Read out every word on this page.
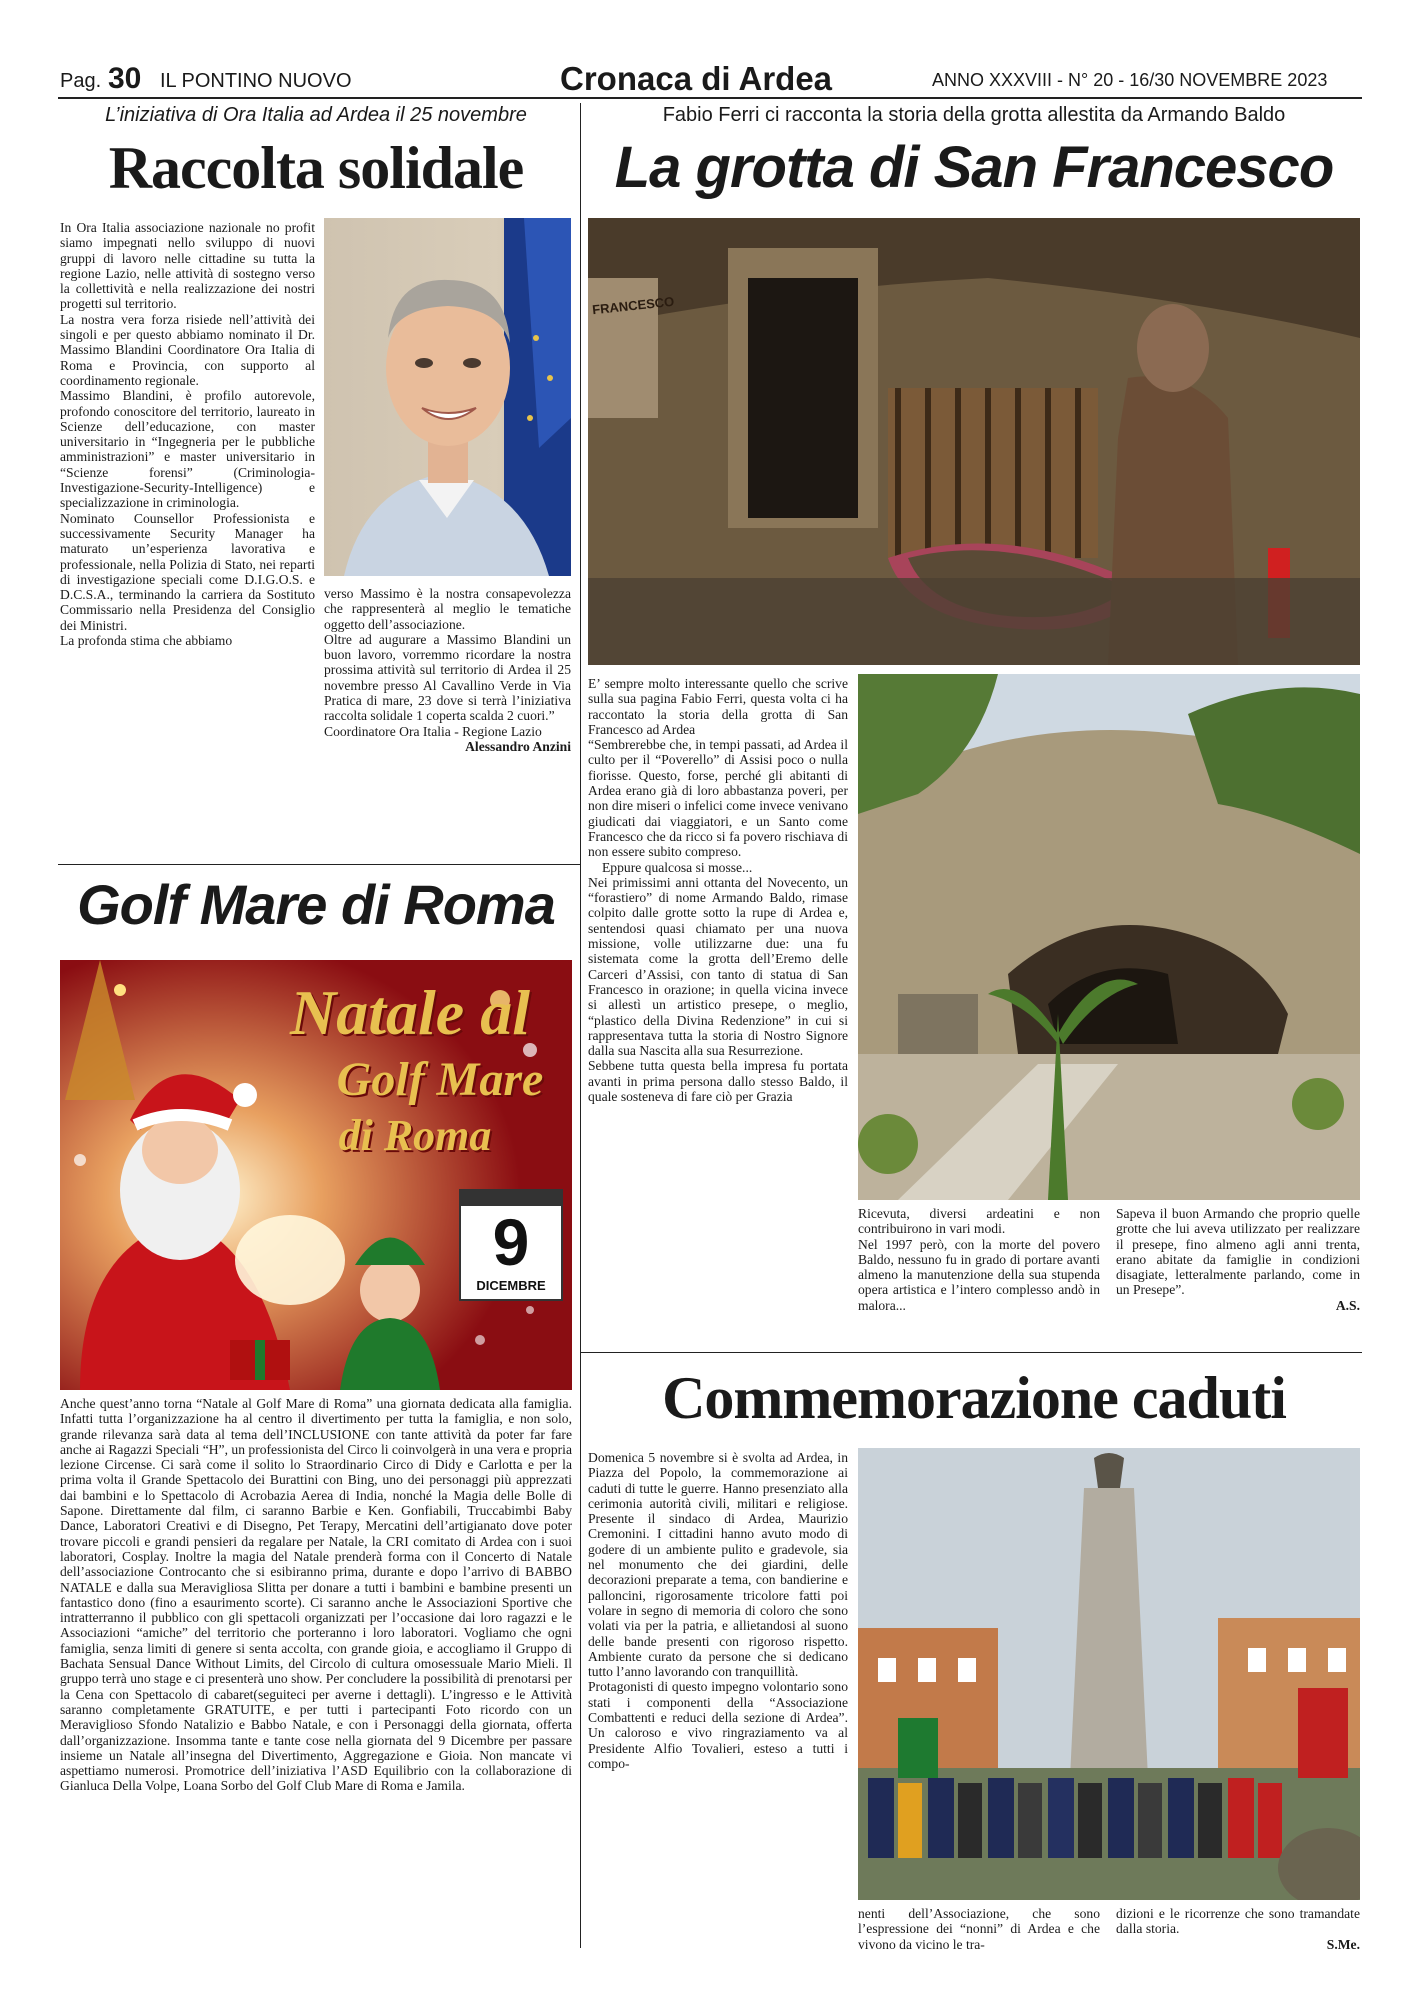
Pag. 30 IL PONTINO NUOVO	Cronaca di Ardea	ANNO XXXVIII - N° 20 - 16/30 NOVEMBRE 2023
L’iniziativa di Ora Italia ad Ardea il 25 novembre
Raccolta solidale

In Ora Italia associazione nazionale no profit siamo impegnati nello sviluppo di nuovi gruppi di lavoro nelle cittadine su tutta la regione Lazio, nelle attività di sostegno verso la collettività e nella realizzazione dei nostri progetti sul territorio.

La nostra vera forza risiede nell’attività dei singoli e per questo abbiamo nominato il Dr. Massimo Blandini Coordinatore Ora Italia di Roma e Provincia, con supporto al coordinamento regionale.

Massimo Blandini, è profilo autorevole, profondo conoscitore del territorio, laureato in Scienze dell’educazione, con master universitario in “Ingegneria per le pubbliche amministrazioni” e master universitario in “Scienze forensi” (Criminologia-Investigazione-Security-Intelligence) e specializzazione in criminologia.

Nominato Counsellor Professionista e successivamente Security Manager ha maturato un’esperienza lavorativa e professionale, nella Polizia di Stato, nei reparti di investigazione speciali come D.I.G.O.S. e D.C.S.A., terminando la carriera da Sostituto Commissario nella Presidenza del Consiglio dei Ministri.

La profonda stima che abbiamo

verso Massimo è la nostra consapevolezza che rappresenterà al meglio le tematiche oggetto dell’associazione.

Oltre ad augurare a Massimo Blandini un buon lavoro, vorremmo ricordare la nostra prossima attività sul territorio di Ardea il 25 novembre presso Al Cavallino Verde in Via Pratica di mare, 23 dove si terrà l’iniziativa raccolta solidale 1 coperta scalda 2 cuori.”

Coordinatore Ora Italia - Regione Lazio

Alessandro Anzini

Golf Mare di Roma
Natale al
Golf Mare
di Roma
9
DICEMBRE

Anche quest’anno torna “Natale al Golf Mare di Roma” una giornata dedicata alla famiglia. Infatti tutta l’organizzazione ha al centro il divertimento per tutta la famiglia, e non solo, grande rilevanza sarà data al tema dell’INCLUSIONE con tante attività da poter far fare anche ai Ragazzi Speciali “H”, un professionista del Circo li coinvolgerà in una vera e propria lezione Circense. Ci sarà come il solito lo Straordinario Circo di Didy e Carlotta e per la prima volta il Grande Spettacolo dei Burattini con Bing, uno dei personaggi più apprezzati dai bambini e lo Spettacolo di Acrobazia Aerea di India, nonché la Magia delle Bolle di Sapone. Direttamente dal film, ci saranno Barbie e Ken. Gonfiabili, Truccabimbi Baby Dance, Laboratori Creativi e di Disegno, Pet Terapy, Mercatini dell’artigianato dove poter trovare piccoli e grandi pensieri da regalare per Natale, la CRI comitato di Ardea con i suoi laboratori, Cosplay. Inoltre la magia del Natale prenderà forma con il Concerto di Natale dell’associazione Controcanto che si esibiranno prima, durante e dopo l’arrivo di BABBO NATALE e dalla sua Meravigliosa Slitta per donare a tutti i bambini e bambine presenti un fantastico dono (fino a esaurimento scorte). Ci saranno anche le Associazioni Sportive che intratterranno il pubblico con gli spettacoli organizzati per l’occasione dai loro ragazzi e le Associazioni “amiche” del territorio che porteranno i loro laboratori. Vogliamo che ogni famiglia, senza limiti di genere si senta accolta, con grande gioia, e accogliamo il Gruppo di Bachata Sensual Dance Without Limits, del Circolo di cultura omosessuale Mario Mieli. Il gruppo terrà uno stage e ci presenterà uno show. Per concludere la possibilità di prenotarsi per la Cena con Spettacolo di cabaret(seguiteci per averne i dettagli). L’ingresso e le Attività saranno completamente GRATUITE, e per tutti i partecipanti Foto ricordo con un Meraviglioso Sfondo Natalizio e Babbo Natale, e con i Personaggi della giornata, offerta dall’organizzazione. Insomma tante e tante cose nella giornata del 9 Dicembre per passare insieme un Natale all’insegna del Divertimento, Aggregazione e Gioia. Non mancate vi aspettiamo numerosi. Promotrice dell’iniziativa l’ASD Equilibrio con la collaborazione di Gianluca Della Volpe, Loana Sorbo del Golf Club Mare di Roma e Jamila.

Fabio Ferri ci racconta la storia della grotta allestita da Armando Baldo
La grotta di San Francesco
FRANCESCO

E’ sempre molto interessante quello che scrive sulla sua pagina Fabio Ferri, questa volta ci ha raccontato la storia della grotta di San Francesco ad Ardea

“Sembrerebbe che, in tempi passati, ad Ardea il culto per il “Poverello” di Assisi poco o nulla fiorisse. Questo, forse, perché gli abitanti di Ardea erano già di loro abbastanza poveri, per non dire miseri o infelici come invece venivano giudicati dai viaggiatori, e un Santo come Francesco che da ricco si fa povero rischiava di non essere subito compreso.

Eppure qualcosa si mosse...

Nei primissimi anni ottanta del Novecento, un “forastiero” di nome Armando Baldo, rimase colpito dalle grotte sotto la rupe di Ardea e, sentendosi quasi chiamato per una nuova missione, volle utilizzarne due: una fu sistemata come la grotta dell’Eremo delle Carceri d’Assisi, con tanto di statua di San Francesco in orazione; in quella vicina invece si allestì un artistico presepe, o meglio, “plastico della Divina Redenzione” in cui si rappresentava tutta la storia di Nostro Signore dalla sua Nascita alla sua Resurrezione.

Sebbene tutta questa bella impresa fu portata avanti in prima persona dallo stesso Baldo, il quale sosteneva di fare ciò per Grazia

Ricevuta, diversi ardeatini e non contribuirono in vari modi.

Nel 1997 però, con la morte del povero Baldo, nessuno fu in grado di portare avanti almeno la manutenzione della sua stupenda opera artistica e l’intero complesso andò in malora...

Sapeva il buon Armando che proprio quelle grotte che lui aveva utilizzato per realizzare il presepe, fino almeno agli anni trenta, erano abitate da famiglie in condizioni disagiate, letteralmente parlando, come in un Presepe”.

A.S.

Commemorazione caduti

Domenica 5 novembre si è svolta ad Ardea, in Piazza del Popolo, la commemorazione ai caduti di tutte le guerre. Hanno presenziato alla cerimonia autorità civili, militari e religiose. Presente il sindaco di Ardea, Maurizio Cremonini. I cittadini hanno avuto modo di godere di un ambiente pulito e gradevole, sia nel monumento che dei giardini, delle decorazioni preparate a tema, con bandierine e palloncini, rigorosamente tricolore fatti poi volare in segno di memoria di coloro che sono volati via per la patria, e allietandosi al suono delle bande presenti con rigoroso rispetto. Ambiente curato da persone che si dedicano tutto l’anno lavorando con tranquillità.

Protagonisti di questo impegno volontario sono stati i componenti della “Associazione Combattenti e reduci della sezione di Ardea”. Un caloroso e vivo ringraziamento va al Presidente Alfio Tovalieri, esteso a tutti i compo-

nenti dell’Associazione, che sono l’espressione dei “nonni” di Ardea e che vivono da vicino le tra-

dizioni e le ricorrenze che sono tramandate dalla storia.

S.Me.
